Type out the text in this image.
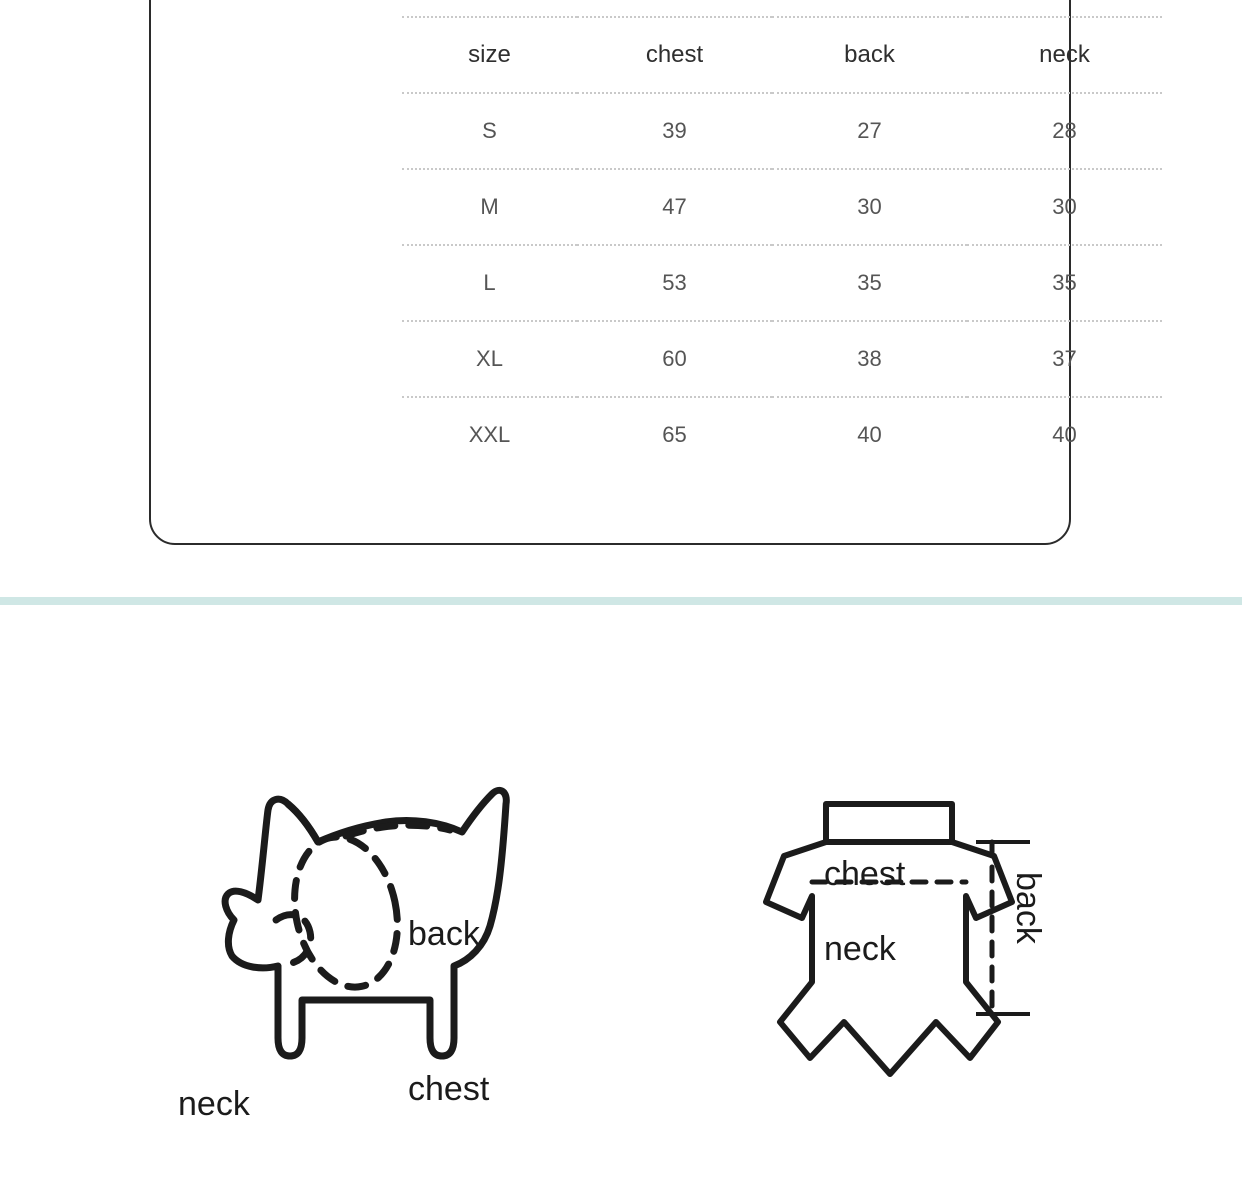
size	chest	back	neck
S	39	27	28
M	47	30	30
L	53	35	35
XL	60	38	37
XXL	65	40	40
back
neck	chest
chest
neck
back
